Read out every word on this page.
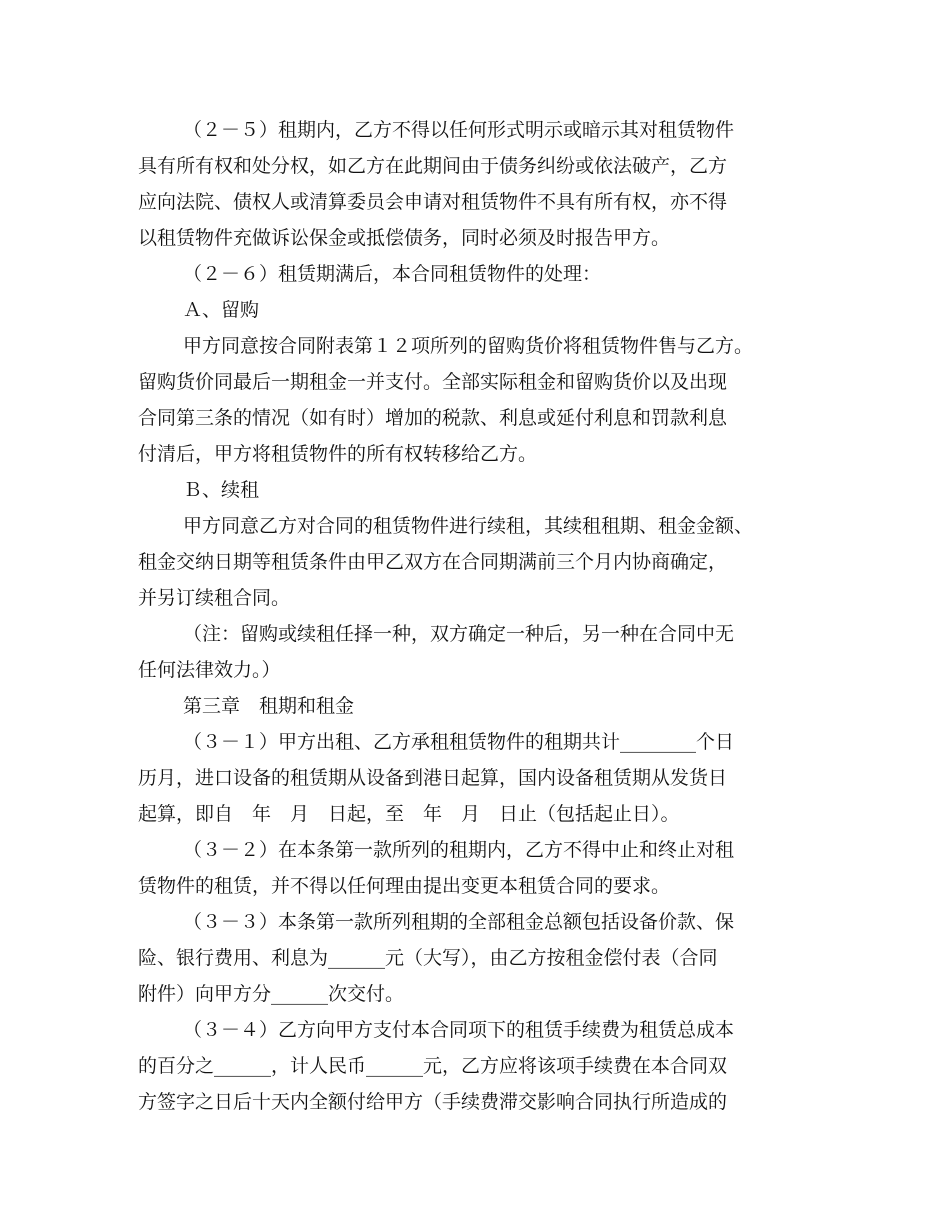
（２－５）租期内，乙方不得以任何形式明示或暗示其对租赁物件
具有所有权和处分权，如乙方在此期间由于债务纠纷或依法破产，乙方
应向法院、债权人或清算委员会申请对租赁物件不具有所有权，亦不得
以租赁物件充做诉讼保金或抵偿债务，同时必须及时报告甲方。
（２－６）租赁期满后，本合同租赁物件的处理：
Ａ、留购
甲方同意按合同附表第１２项所列的留购货价将租赁物件售与乙方。
留购货价同最后一期租金一并支付。全部实际租金和留购货价以及出现
合同第三条的情况（如有时）增加的税款、利息或延付利息和罚款利息
付清后，甲方将租赁物件的所有权转移给乙方。
Ｂ、续租
甲方同意乙方对合同的租赁物件进行续租，其续租租期、租金金额、
租金交纳日期等租赁条件由甲乙双方在合同期满前三个月内协商确定，
并另订续租合同。
（注：留购或续租任择一种，双方确定一种后，另一种在合同中无
任何法律效力。）
第三章　租期和租金
（３－１）甲方出租、乙方承租租赁物件的租期共计________个日
历月，进口设备的租赁期从设备到港日起算，国内设备租赁期从发货日
起算，即自　年　月　日起，至　年　月　日止（包括起止日）。
（３－２）在本条第一款所列的租期内，乙方不得中止和终止对租
赁物件的租赁，并不得以任何理由提出变更本租赁合同的要求。
（３－３）本条第一款所列租期的全部租金总额包括设备价款、保
险、银行费用、利息为______元（大写），由乙方按租金偿付表（合同
附件）向甲方分______次交付。
（３－４）乙方向甲方支付本合同项下的租赁手续费为租赁总成本
的百分之______，计人民币______元，乙方应将该项手续费在本合同双
方签字之日后十天内全额付给甲方（手续费滞交影响合同执行所造成的
